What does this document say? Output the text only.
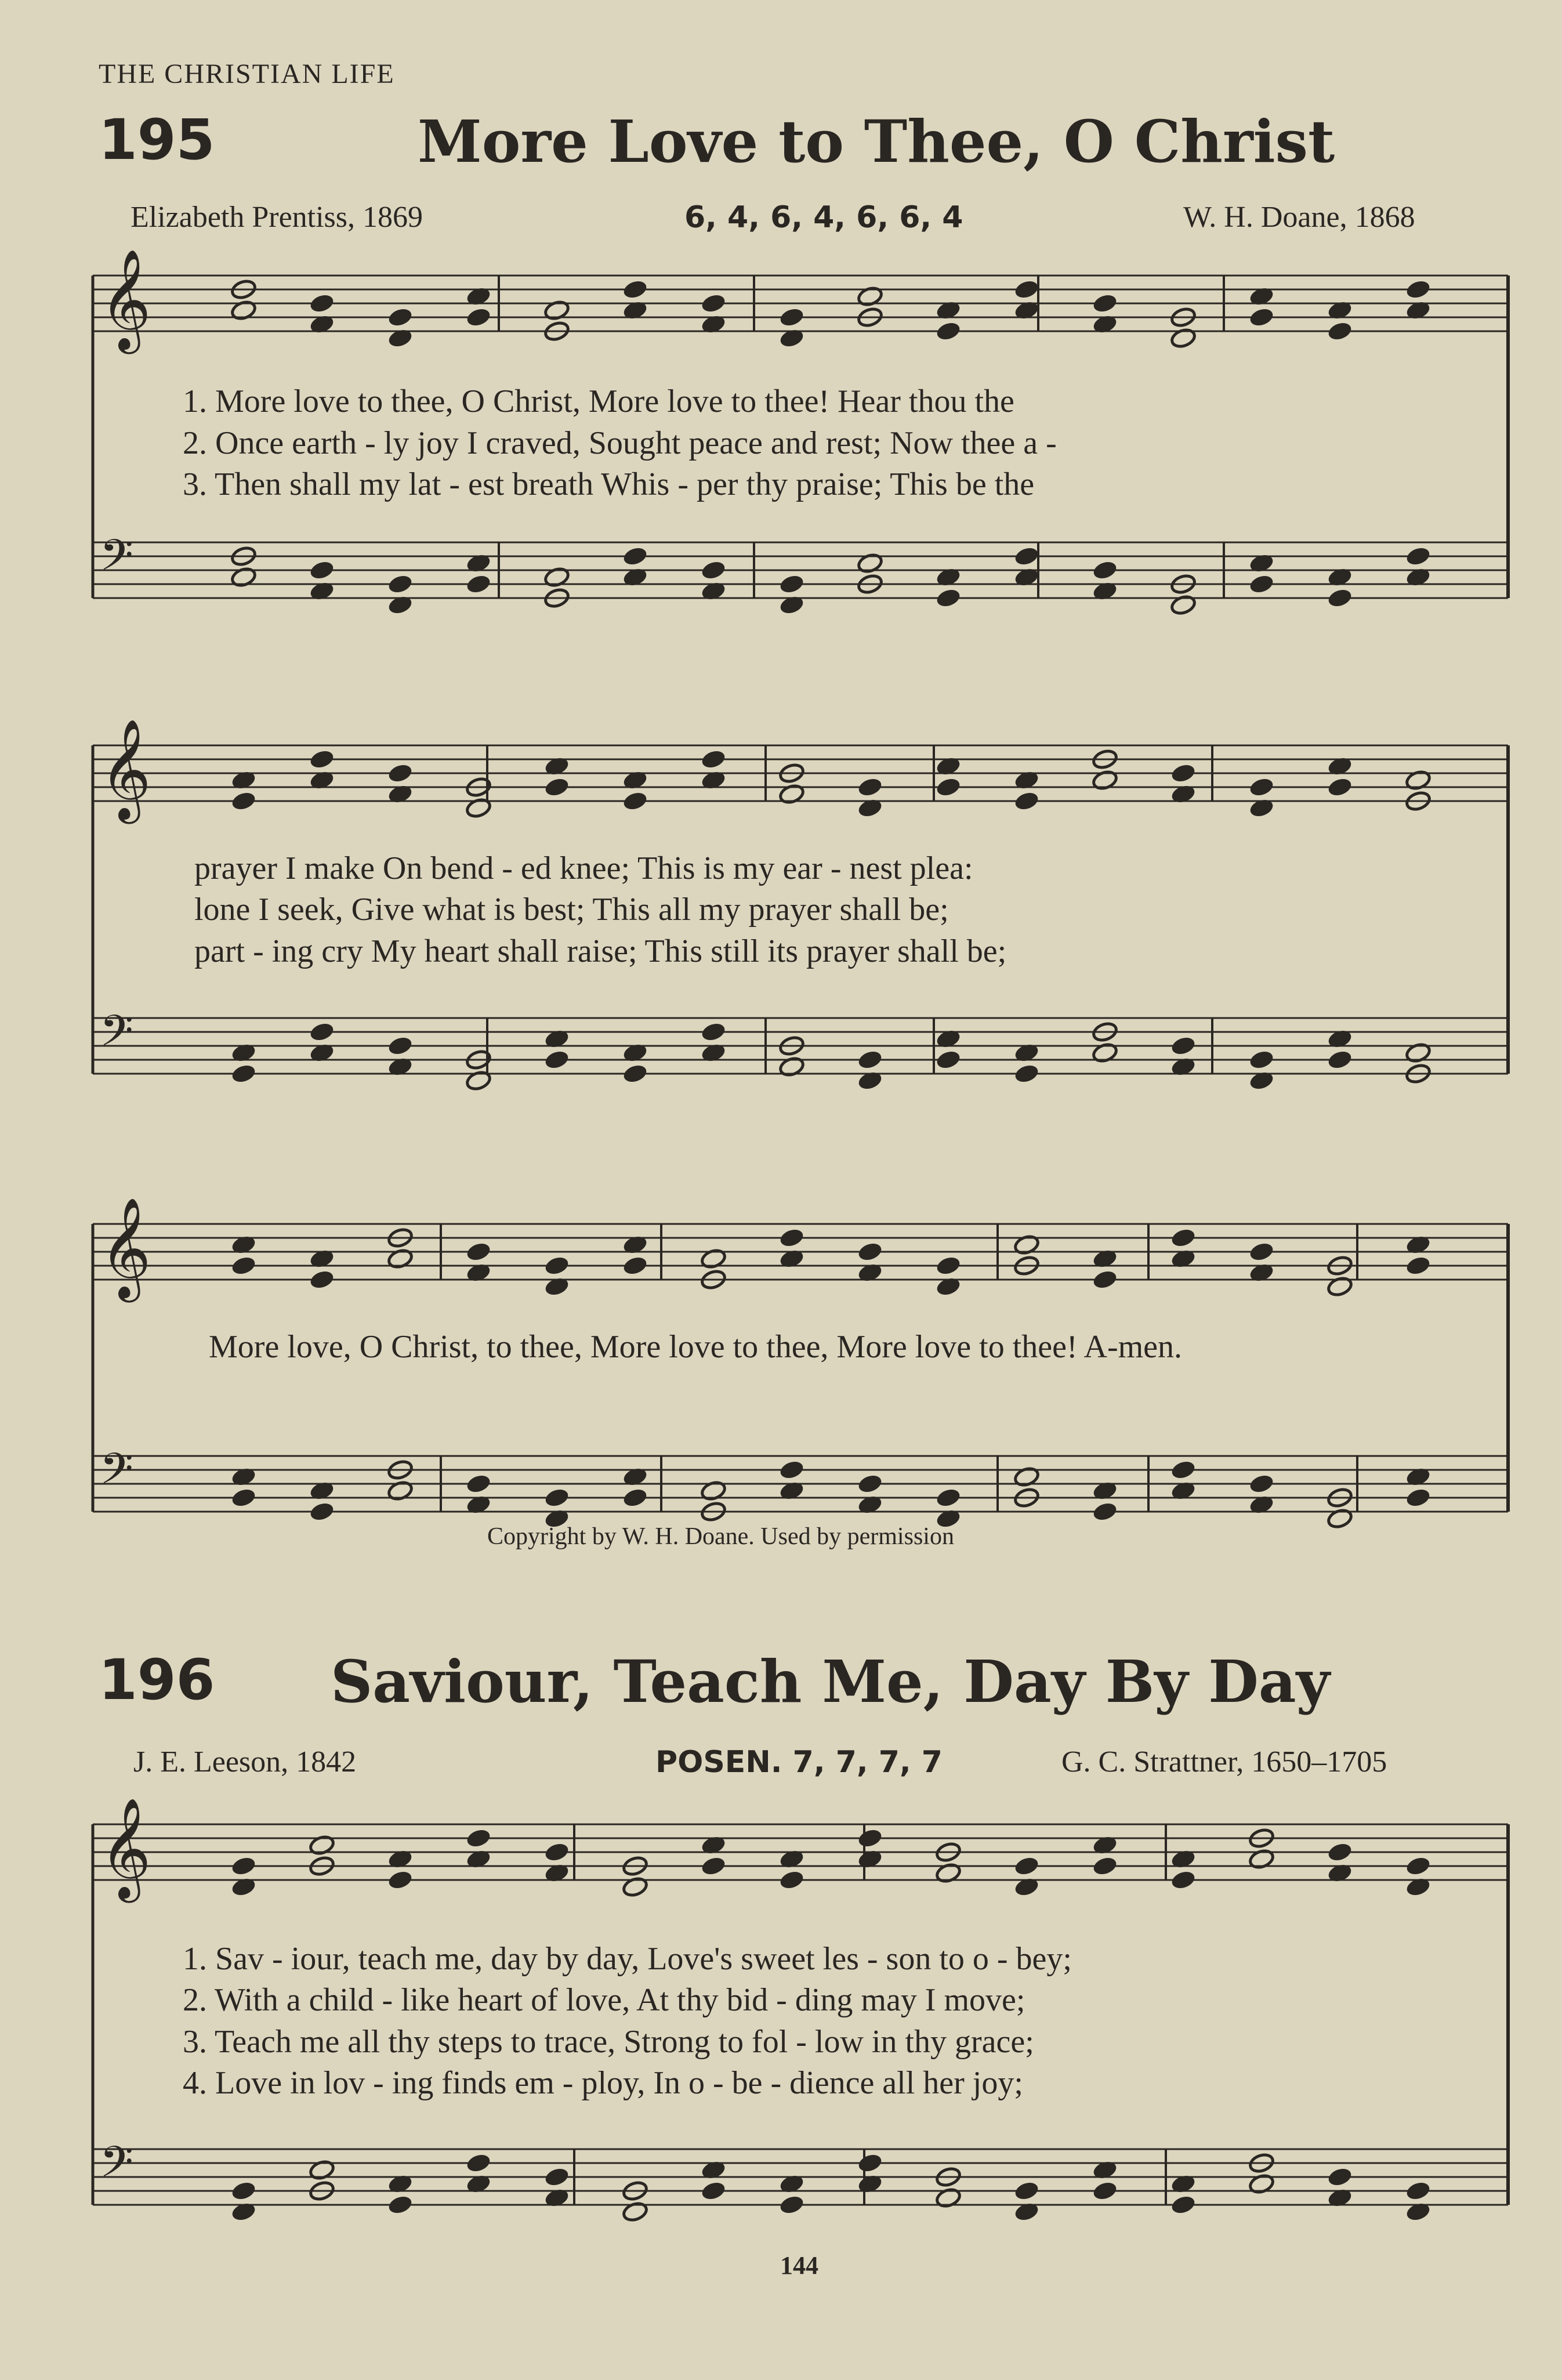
THE CHRISTIAN LIFE
195	More Love to Thee, O Christ
Elizabeth Prentiss, 1869	6, 4, 6, 4, 6, 6, 4	W. H. Doane, 1868
𝄞
𝄢
𝄞
𝄢
𝄞
𝄢
𝄞
𝄢
1. More love to thee, O Christ, More love to thee! Hear thou the
2. Once earth - ly joy I craved, Sought peace and rest; Now thee a -
3. Then shall my lat - est breath Whis - per thy praise; This be the
prayer I make On bend - ed knee; This is my ear - nest plea:
lone I seek, Give what is best; This all my prayer shall be;
part - ing cry My heart shall raise; This still its prayer shall be;
More love, O Christ, to thee, More love to thee, More love to thee! A-men.
Copyright by W. H. Doane. Used by permission
196 Saviour, Teach Me, Day By Day
J. E. Leeson, 1842	POSEN. 7, 7, 7, 7	G. C. Strattner, 1650–1705
1. Sav - iour, teach me, day by day, Love's sweet les - son to o - bey;
2. With a child - like heart of love, At thy bid - ding may I move;
3. Teach me all thy steps to trace, Strong to fol - low in thy grace;
4. Love in lov - ing finds em - ploy, In o - be - dience all her joy;
144
